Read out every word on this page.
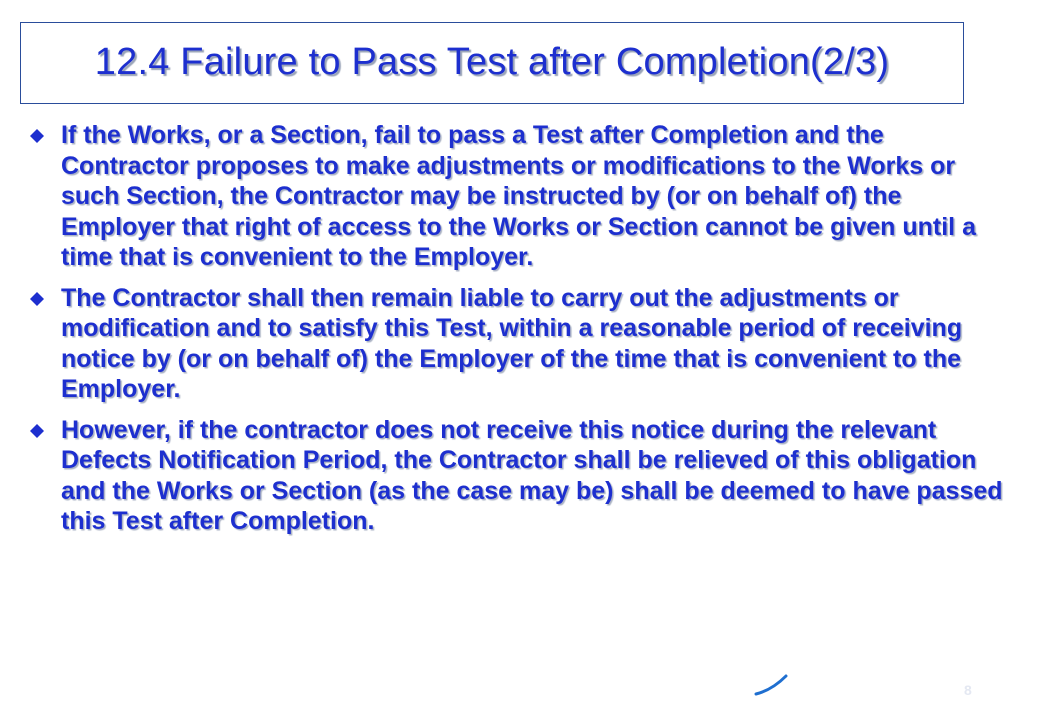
12.4 Failure to Pass Test after Completion(2/3)
If the Works, or a Section, fail to pass a Test after Completion and the Contractor proposes to make adjustments or modifications to the Works or such Section, the Contractor may be instructed by (or on behalf of) the Employer that right of access to the Works or Section cannot be given until a time that is convenient to the Employer.
The Contractor shall then remain liable to carry out the adjustments or modification and to satisfy this Test, within a reasonable period of receiving notice by (or on behalf of) the Employer of the time that is convenient to the Employer.
However, if the contractor does not receive this notice during the relevant Defects Notification Period, the Contractor shall be relieved of this obligation and the Works or Section (as the case may be) shall be deemed to have passed this Test after Completion.
8
